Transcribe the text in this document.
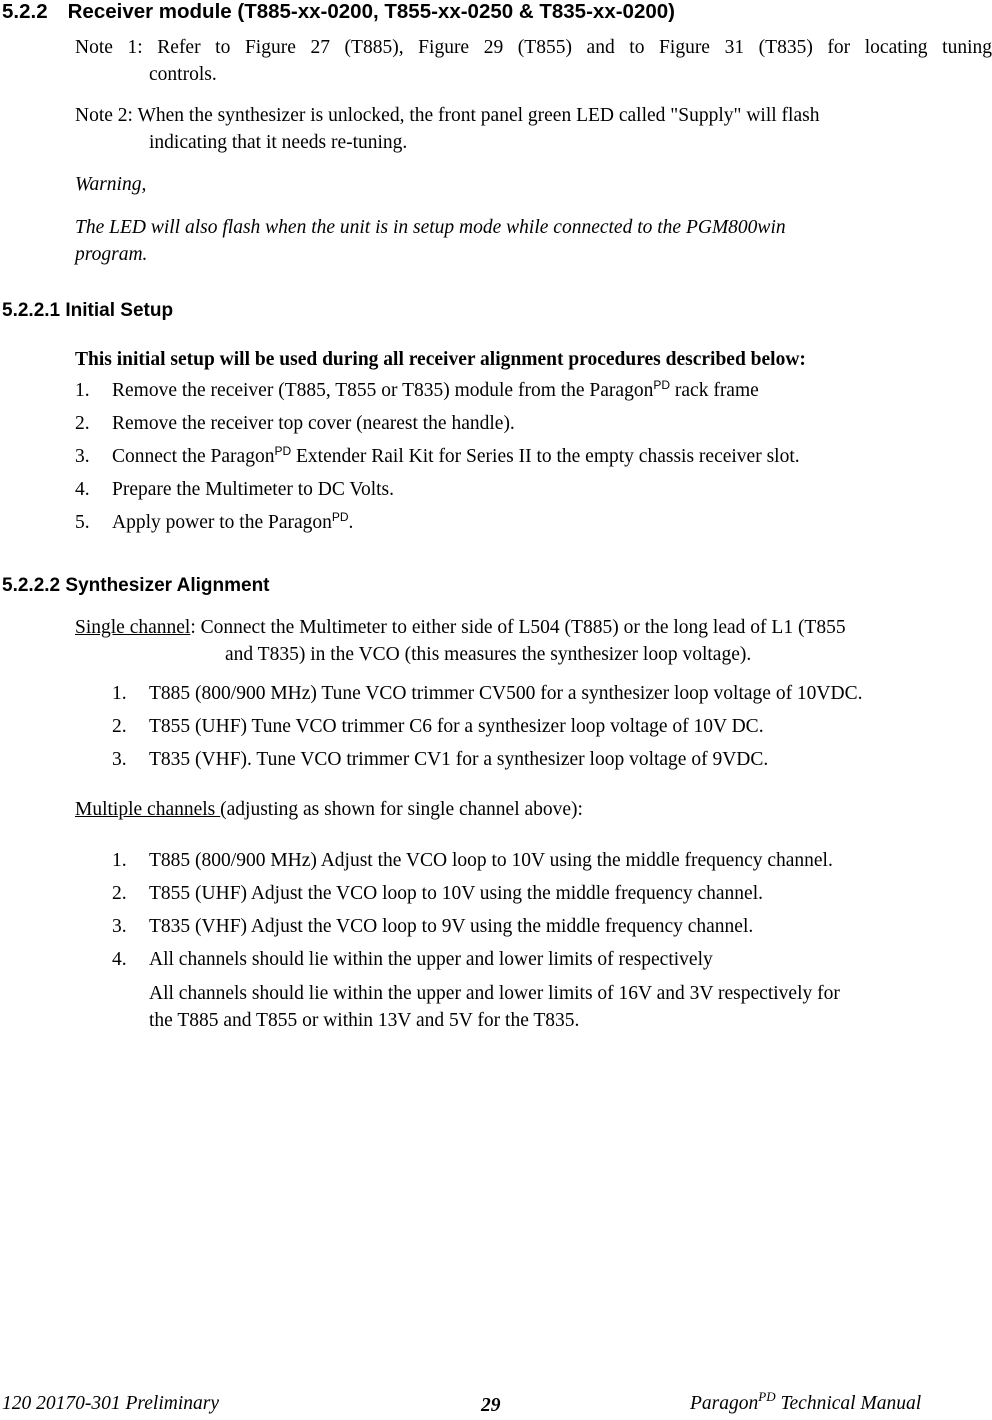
5.2.2 Receiver module (T885-xx-0200, T855-xx-0250 & T835-xx-0200)
Note 1: Refer to Figure 27 (T885), Figure 29 (T855) and to Figure 31 (T835) for locating tuning
controls.
Note 2: When the synthesizer is unlocked, the front panel green LED called "Supply" will flash
indicating that it needs re-tuning.
Warning,
The LED will also flash when the unit is in setup mode while connected to the PGM800win
program.
5.2.2.1 Initial Setup
This initial setup will be used during all receiver alignment procedures described below:
1. Remove the receiver (T885, T855 or T835) module from the Paragon$^{PD}$ rack frame
2. Remove the receiver top cover (nearest the handle).
3. Connect the Paragon$^{PD}$ Extender Rail Kit for Series II to the empty chassis receiver slot.
4. Prepare the Multimeter to DC Volts.
5. Apply power to the Paragon$^{PD}$.
5.2.2.2 Synthesizer Alignment
Single channel: Connect the Multimeter to either side of L504 (T885) or the long lead of L1 (T855
and T835) in the VCO (this measures the synthesizer loop voltage).
1. T885 (800/900 MHz) Tune VCO trimmer CV500 for a synthesizer loop voltage of 10VDC.
2. T855 (UHF) Tune VCO trimmer C6 for a synthesizer loop voltage of 10V DC.
3. T835 (VHF). Tune VCO trimmer CV1 for a synthesizer loop voltage of 9VDC.
Multiple channels (adjusting as shown for single channel above):
1. T885 (800/900 MHz) Adjust the VCO loop to 10V using the middle frequency channel.
2. T855 (UHF) Adjust the VCO loop to 10V using the middle frequency channel.
3. T835 (VHF) Adjust the VCO loop to 9V using the middle frequency channel.
4. All channels should lie within the upper and lower limits of respectively
All channels should lie within the upper and lower limits of 16V and 3V respectively for
the T885 and T855 or within 13V and 5V for the T835.
120 20170-301 Preliminary	29	Paragon$^{PD}$ Technical Manual
